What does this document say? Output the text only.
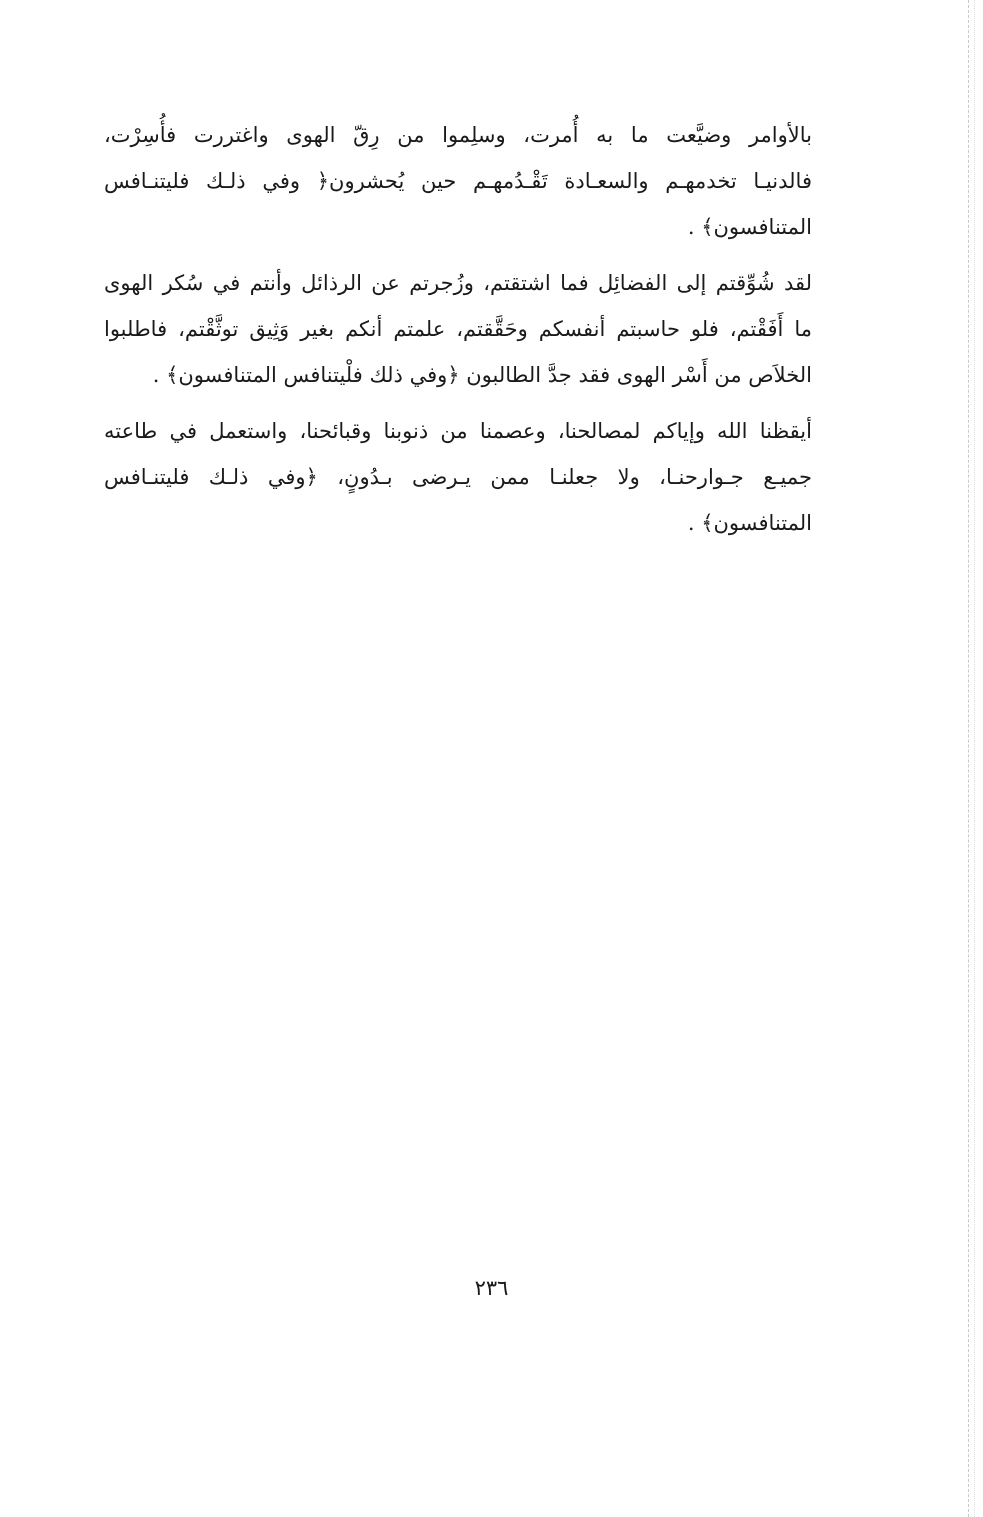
بالأوامر وضيَّعت ما به أُمرت، وسلِموا من رِقّ الهوى واغتررت فأُسِرْت،
فالدنيـا تخدمهـم والسعـادة تَقْـدُمهـم حين يُحشرون﴿ وفي ذلـك فليتنـافس
المتنافسون﴾ .

لقد شُوِّقتم إلى الفضائِل فما اشتقتم، وزُجرتم عن الرذائل وأنتم في سُكر الهوى
ما أَفَقْتم، فلو حاسبتم أنفسكم وحَقَّقتم، علمتم أنكم بغير وَثِيق توثَّقْتم، فاطلبوا
الخلاَص من أَسْر الهوى فقد جدَّ الطالبون ﴿وفي ذلك فلْيتنافس المتنافسون﴾ .

أيقظنا الله وإياكم لمصالحنا، وعصمنا من ذنوبنا وقبائحنا، واستعمل في طاعته
جميـع جـوارحنـا، ولا جعلنـا ممن يـرضى بـدُونٍ، ﴿وفي ذلـك فليتنـافس
المتنافسون﴾ .

٢٣٦
